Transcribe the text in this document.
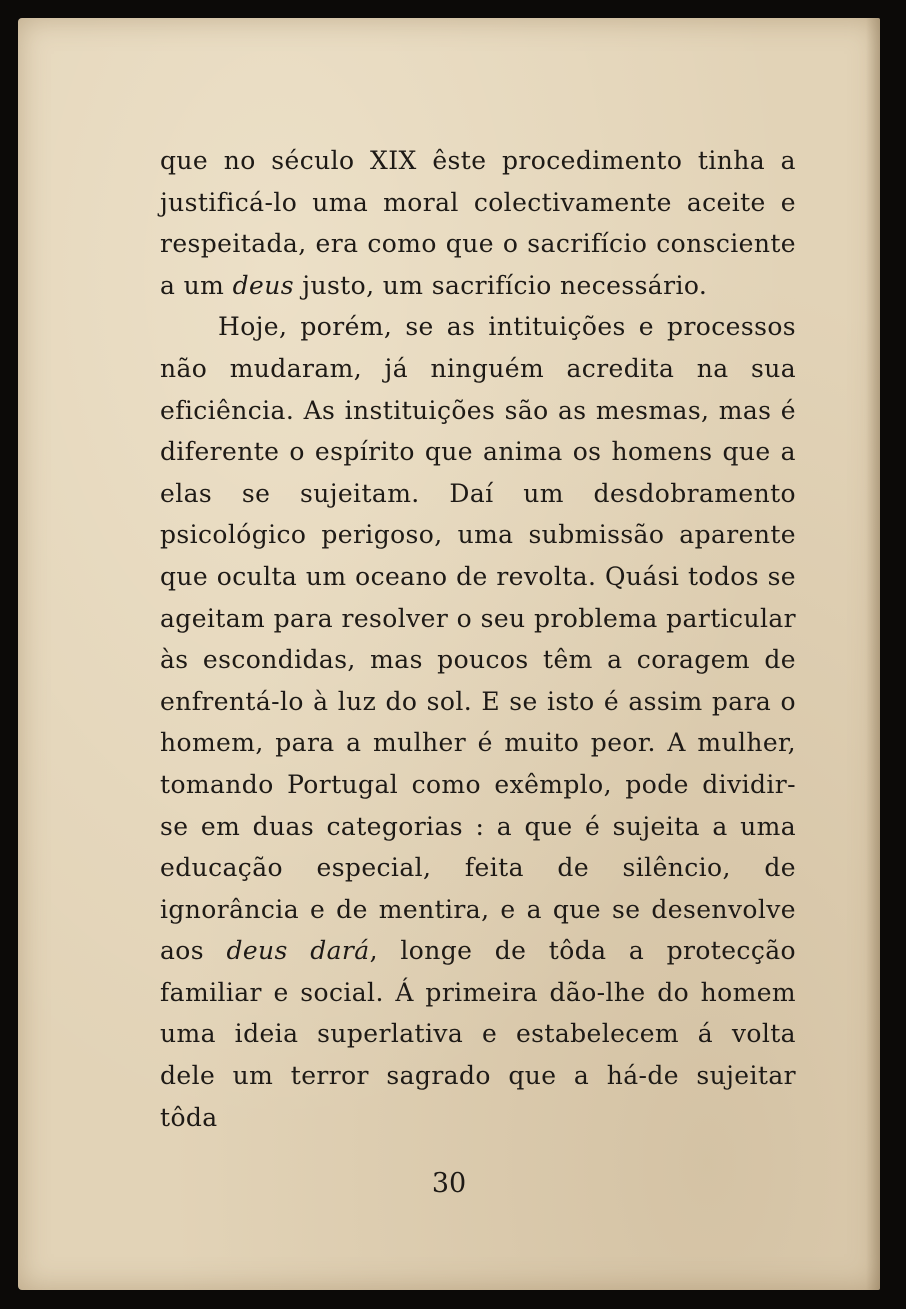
que no século XIX êste procedimento tinha a justificá-lo uma moral colectivamente aceite e respeitada, era como que o sacrifício consciente a um deus justo, um sacrifício necessário.

Hoje, porém, se as intituições e processos não mudaram, já ninguém acredita na sua eficiência. As instituições são as mesmas, mas é diferente o espírito que anima os homens que a elas se sujeitam. Daí um desdobramento psicológico perigoso, uma submissão aparente que oculta um oceano de revolta. Quási todos se ageitam para resolver o seu problema particular às escondidas, mas poucos têm a coragem de enfrentá-lo à luz do sol. E se isto é assim para o homem, para a mulher é muito peor. A mulher, tomando Portugal como exêmplo, pode dividir-se em duas categorias : a que é sujeita a uma educação especial, feita de silêncio, de ignorância e de mentira, e a que se desenvolve aos deus dará, longe de tôda a protecção familiar e social. Á primeira dão-lhe do homem uma ideia superlativa e estabelecem á volta dele um terror sagrado que a há-de sujeitar tôda

30
